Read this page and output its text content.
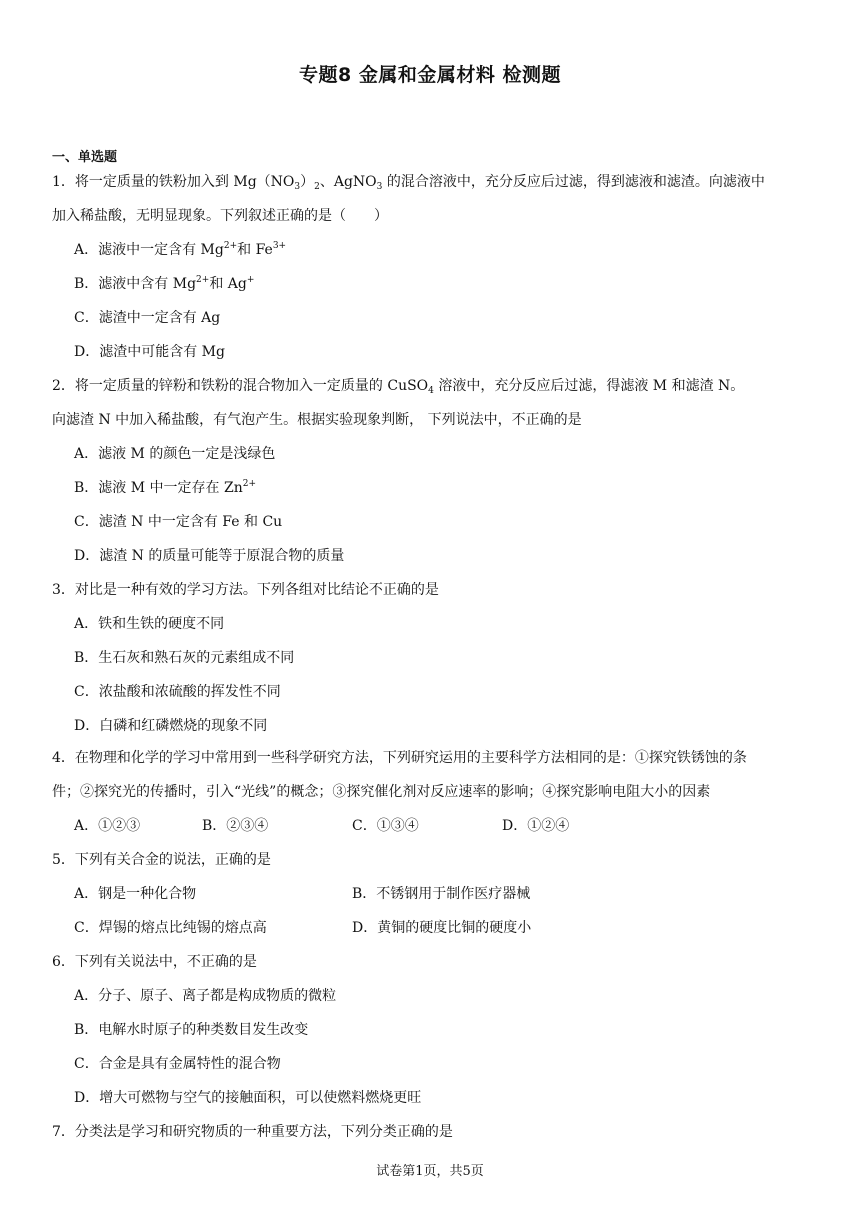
专题8 金属和金属材料 检测题
一、单选题
1．将一定质量的铁粉加入到 $Mg(NO_3)_2$、AgNO$_3$ 的混合溶液中，充分反应后过滤，得到滤液和滤渣。向滤液中
加入稀盐酸，无明显现象。下列叙述正确的是（　　）
A．滤液中一定含有 $Mg^{2+}$和 $Fe^{3+}$
B．滤液中含有 $Mg^{2+}$和 Ag+
C．滤渣中一定含有 Ag
D．滤渣中可能含有 Mg
2．将一定质量的锌粉和铁粉的混合物加入一定质量的 CuSO$_4$ 溶液中，充分反应后过滤，得滤液 M 和滤渣 N。
向滤渣 N 中加入稀盐酸，有气泡产生。根据实验现象判断， 下列说法中，不正确的是
A．滤液 M 的颜色一定是浅绿色
B．滤液 M 中一定存在 $Zn^{2+}$
C．滤渣 N 中一定含有 Fe 和 Cu
D．滤渣 N 的质量可能等于原混合物的质量
3．对比是一种有效的学习方法。下列各组对比结论不正确的是
A．铁和生铁的硬度不同
B．生石灰和熟石灰的元素组成不同
C．浓盐酸和浓硫酸的挥发性不同
D．白磷和红磷燃烧的现象不同
4．在物理和化学的学习中常用到一些科学研究方法，下列研究运用的主要科学方法相同的是：①探究铁锈蚀的条
件；②探究光的传播时，引入“光线”的概念；③探究催化剂对反应速率的影响；④探究影响电阻大小的因素
A．①②③	B．②③④	C．①③④	D．①②④
5．下列有关合金的说法，正确的是
A．钢是一种化合物	B．不锈钢用于制作医疗器械
C．焊锡的熔点比纯锡的熔点高	D．黄铜的硬度比铜的硬度小
6．下列有关说法中，不正确的是
A．分子、原子、离子都是构成物质的微粒
B．电解水时原子的种类数目发生改变
C．合金是具有金属特性的混合物
D．增大可燃物与空气的接触面积，可以使燃料燃烧更旺
7．分类法是学习和研究物质的一种重要方法，下列分类正确的是
试卷第1页，共5页
